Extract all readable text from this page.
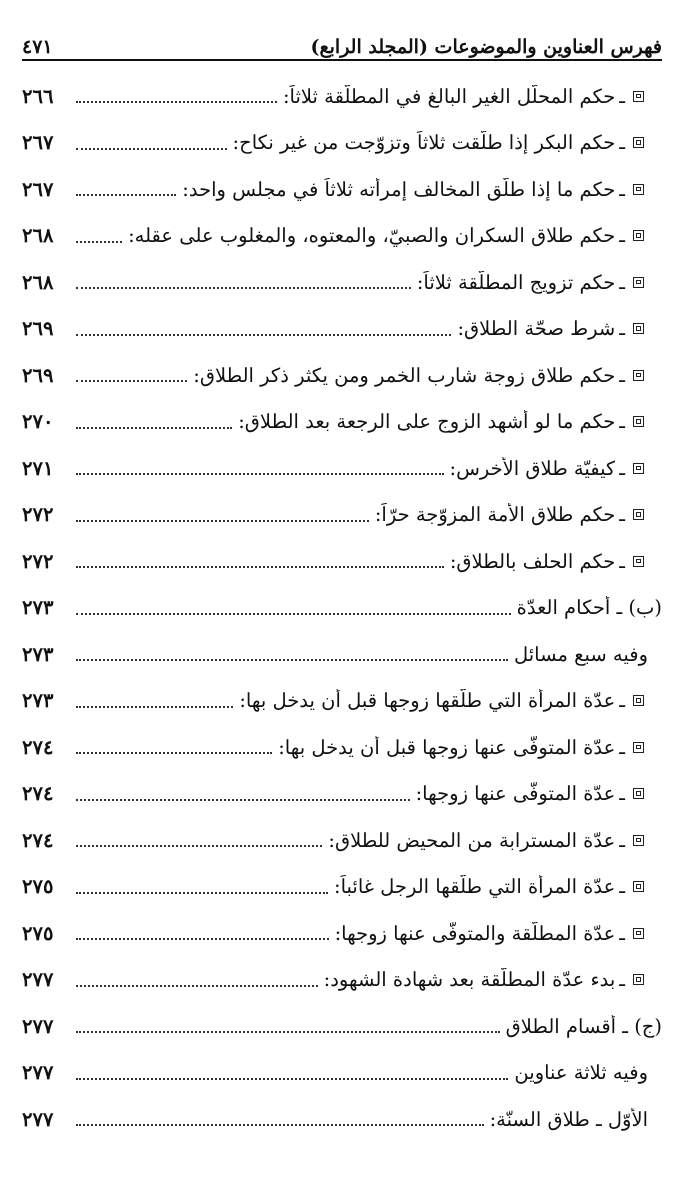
فهرس العناوين والموضوعات (المجلد الرابع)
٤٧١
ـ
حكم المحلّل الغير البالغ في المطلّقة ثلاثاً:
٢٦٦
ـ
حكم البكر إذا طلّقت ثلاثاً وتزوّجت من غير نكاح:
٢٦٧
ـ
حكم ما إذا طلّق المخالف إمرأته ثلاثاً في مجلس واحد:
٢٦٧
ـ
حكم طلاق السكران والصبيّ، والمعتوه، والمغلوب على عقله:
٢٦٨
ـ
حكم تزويج المطلّقة ثلاثاً:
٢٦٨
ـ
شرط صحّة الطلاق:
٢٦٩
ـ
حكم طلاق زوجة شارب الخمر ومن يكثر ذكر الطلاق:
٢٦٩
ـ
حكم ما لو أشهد الزوج على الرجعة بعد الطلاق:
٢٧٠
ـ
كيفيّة طلاق الأخرس:
٢٧١
ـ
حكم طلاق الأمة المزوّجة حرّاً:
٢٧٢
ـ
حكم الحلف بالطلاق:
٢٧٢
(ب) ـ أحكام العدّة
٢٧٣
وفيه سبع مسائل
٢٧٣
ـ
عدّة المرأة التي طلّقها زوجها قبل أن يدخل بها:
٢٧٣
ـ
عدّة المتوفّى عنها زوجها قبل أن يدخل بها:
٢٧٤
ـ
عدّة المتوفّى عنها زوجها:
٢٧٤
ـ
عدّة المسترابة من المحيض للطلاق:
٢٧٤
ـ
عدّة المرأة التي طلّقها الرجل غائباً:
٢٧٥
ـ
عدّة المطلّقة والمتوفّى عنها زوجها:
٢٧٥
ـ
بدء عدّة المطلّقة بعد شهادة الشهود:
٢٧٧
(ج) ـ أقسام الطلاق
٢٧٧
وفيه ثلاثة عناوين
٢٧٧
الأوّل ـ طلاق السنّة:
٢٧٧
